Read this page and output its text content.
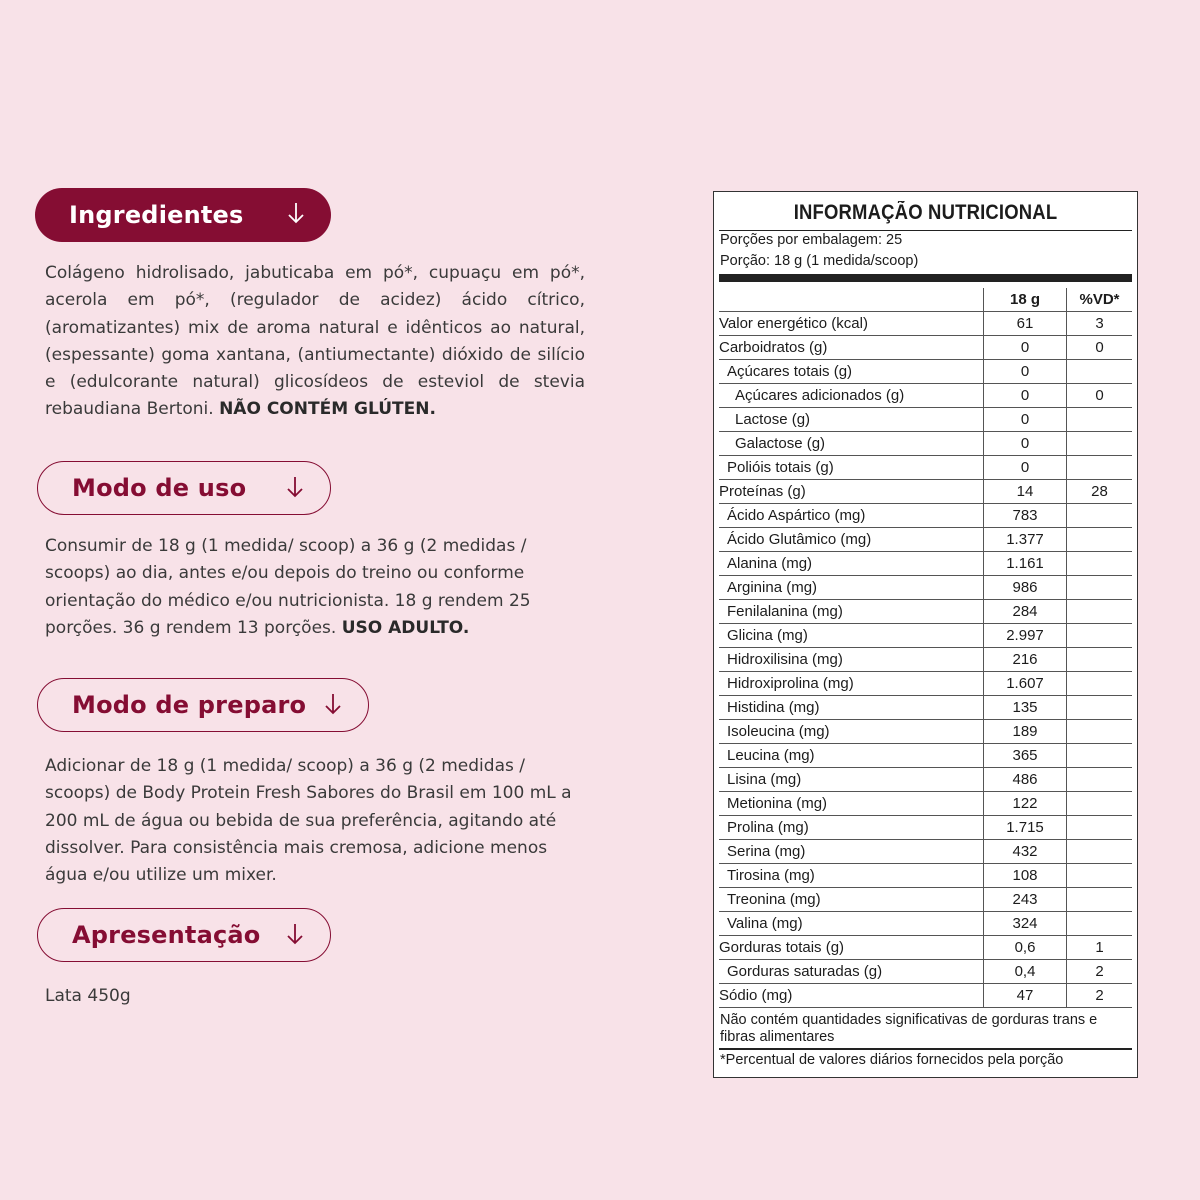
Ingredientes
Colágeno hidrolisado, jabuticaba em pó*, cupuaçu em pó*, acerola em pó*, (regulador de acidez) ácido cítrico, (aromatizantes) mix de aroma natural e idênticos ao natural, (espessante) goma xantana, (antiumectante) dióxido de silício e (edulcorante natural) glicosídeos de esteviol de stevia rebaudiana Bertoni. NÃO CONTÉM GLÚTEN.
Modo de uso
Consumir de 18 g (1 medida/ scoop) a 36 g (2 medidas / scoops) ao dia, antes e/ou depois do treino ou conforme orientação do médico e/ou nutricionista. 18 g rendem 25 porções. 36 g rendem 13 porções. USO ADULTO.
Modo de preparo
Adicionar de 18 g (1 medida/ scoop) a 36 g (2 medidas / scoops) de Body Protein Fresh Sabores do Brasil em 100 mL a 200 mL de água ou bebida de sua preferência, agitando até dissolver. Para consistência mais cremosa, adicione menos água e/ou utilize um mixer.
Apresentação
Lata 450g
INFORMAÇÃO NUTRICIONAL
Porções por embalagem: 25
Porção: 18 g (1 medida/scoop)
	18 g	%VD*
Valor energético (kcal)	61	3
Carboidratos (g)	0	0
Açúcares totais (g)	0	
Açúcares adicionados (g)	0	0
Lactose (g)	0	
Galactose (g)	0	
Polióis totais (g)	0	
Proteínas (g)	14	28
Ácido Aspártico (mg)	783	
Ácido Glutâmico (mg)	1.377	
Alanina (mg)	1.161	
Arginina (mg)	986	
Fenilalanina (mg)	284	
Glicina (mg)	2.997	
Hidroxilisina (mg)	216	
Hidroxiprolina (mg)	1.607	
Histidina (mg)	135	
Isoleucina (mg)	189	
Leucina (mg)	365	
Lisina (mg)	486	
Metionina (mg)	122	
Prolina (mg)	1.715	
Serina (mg)	432	
Tirosina (mg)	108	
Treonina (mg)	243	
Valina (mg)	324	
Gorduras totais (g)	0,6	1
Gorduras saturadas (g)	0,4	2
Sódio (mg)	47	2
Não contém quantidades significativas de gorduras trans e fibras alimentares
*Percentual de valores diários fornecidos pela porção
